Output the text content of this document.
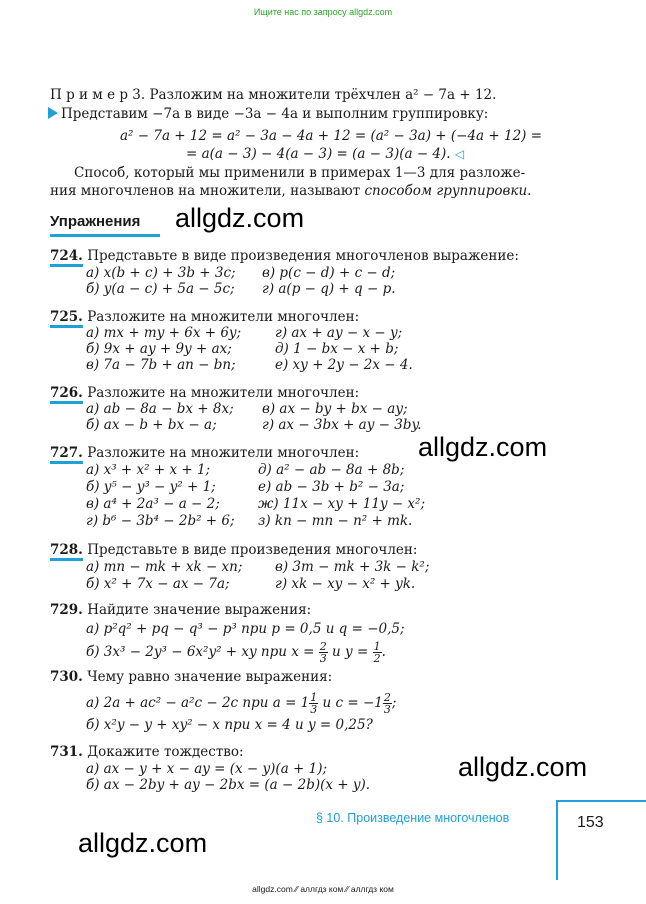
Ищите нас по запросу allgdz.com
П р и м е р 3. Разложим на множители трёхчлен a² − 7a + 12.
Представим −7a в виде −3a − 4a и выполним группировку:
a² − 7a + 12 = a² − 3a − 4a + 12 = (a² − 3a) + (−4a + 12) =
= a(a − 3) − 4(a − 3) = (a − 3)(a − 4). ◁
Способ, который мы применили в примерах 1—3 для разложе-
ния многочленов на множители, называют способом группировки.
Упражнения allgdz.com
allgdz.com
allgdz.com
allgdz.com
724. Представьте в виде произведения многочленов выражение:
а) x(b + c) + 3b + 3c; в) p(c − d) + c − d;
б) y(a − c) + 5a − 5c; г) a(p − q) + q − p.
725. Разложите на множители многочлен:
а) mx + my + 6x + 6y;	г) ax + ay − x − y;
б) 9x + ay + 9y + ax;	д) 1 − bx − x + b;
в) 7a − 7b + an − bn;	е) xy + 2y − 2x − 4.
726. Разложите на множители многочлен:
а) ab − 8a − bx + 8x; в) ax − by + bx − ay;
б) ax − b + bx − a;	г) ax − 3bx + ay − 3by.
727. Разложите на множители многочлен:
а) x³ + x² + x + 1;	д) a² − ab − 8a + 8b;
б) y⁵ − y³ − y² + 1;	е) ab − 3b + b² − 3a;
в) a⁴ + 2a³ − a − 2;	ж) 11x − xy + 11y − x²;
г) b⁶ − 3b⁴ − 2b² + 6; з) kn − mn − n² + mk.
728. Представьте в виде произведения многочлен:
а) mn − mk + xk − xn; в) 3m − mk + 3k − k²;
б) x² + 7x − ax − 7a;	г) xk − xy − x² + yk.
729. Найдите значение выражения:
а) p²q² + pq − q³ − p³ при p = 0,5 и q = −0,5;
б) 3x³ − 2y³ − 6x²y² + xy при $x = \frac{2}{3}$ и $y = \frac{1}{2}$ .
730. Чему равно значение выражения:
а) 2a + ac² − a²c − 2c при $a = 1 \frac{1}{3}$ и $c = -1 \frac{2}{3}$ ;
б) x²y − y + xy² − x при x = 4 и y = 0,25?
731. Докажите тождество:
а) ax − y + x − ay = (x − y)(a + 1);
б) ax − 2by + ay − 2bx = (a − 2b)(x + y).
§ 10. Произведение многочленов	153
allgdz.com ⁄⁄ аллгдз ком ⁄⁄ аллгдз ком
